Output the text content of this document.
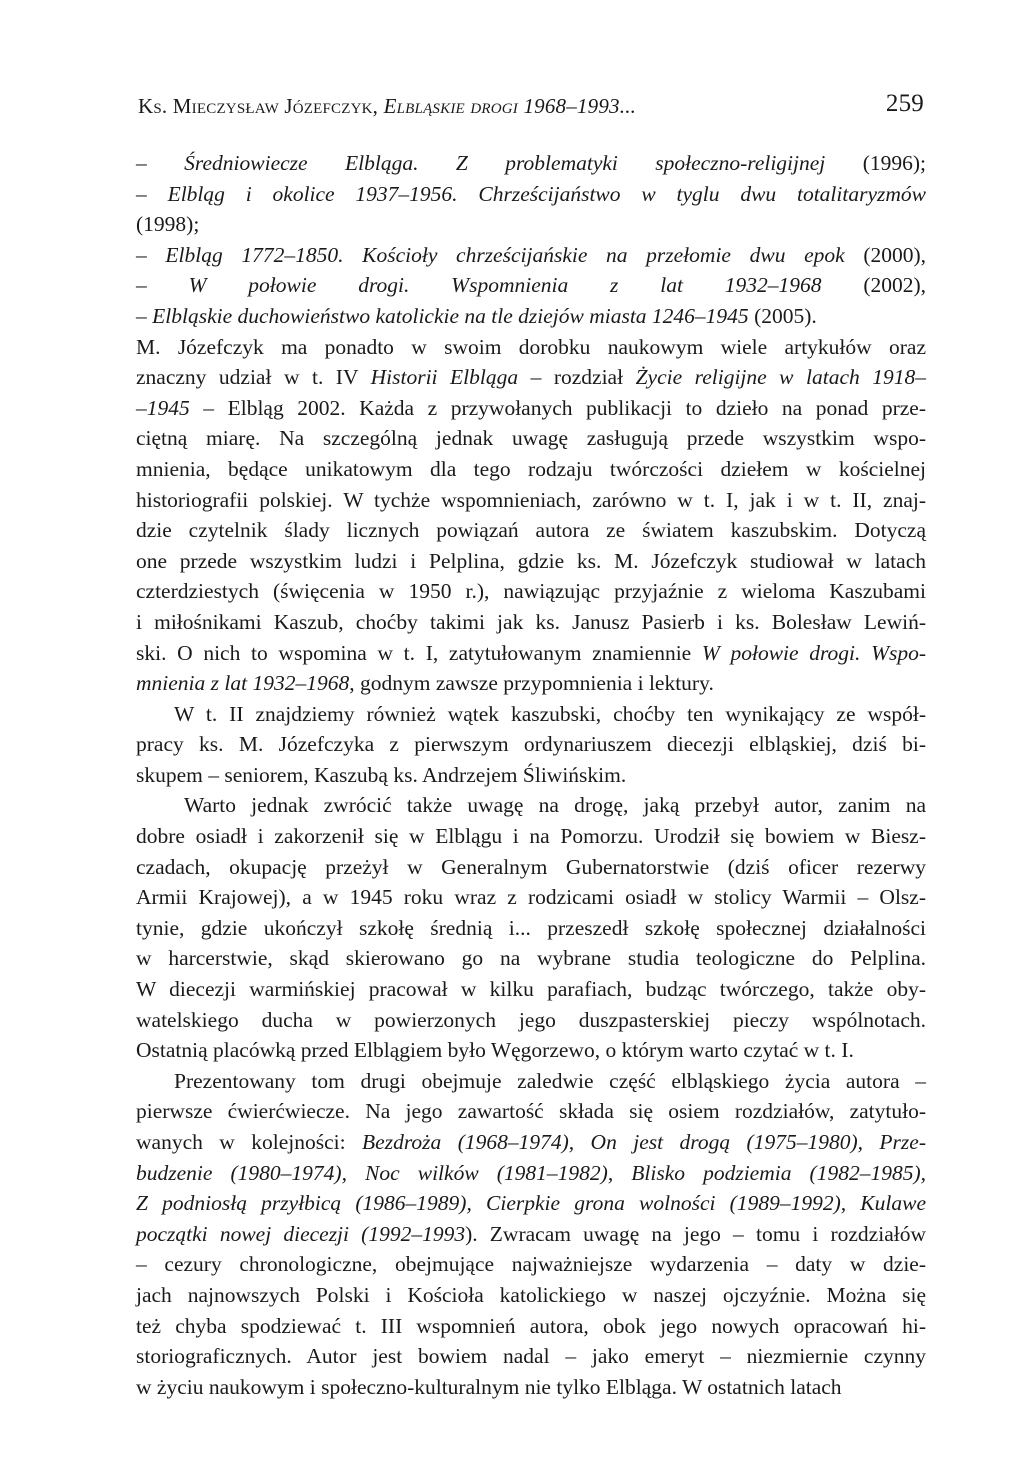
Ks. Mieczysław Józefczyk, Elbląskie drogi 1968–1993...	259
– Średniowiecze Elbląga. Z problematyki społeczno-religijnej (1996);
– Elbląg i okolice 1937–1956. Chrześcijaństwo w tyglu dwu totalitaryzmów
(1998);
– Elbląg 1772–1850. Kościoły chrześcijańskie na przełomie dwu epok (2000),
– W połowie drogi. Wspomnienia z lat 1932–1968 (2002),
– Elbląskie duchowieństwo katolickie na tle dziejów miasta 1246–1945 (2005).
M. Józefczyk ma ponadto w swoim dorobku naukowym wiele artykułów oraz
znaczny udział w t. IV Historii Elbląga – rozdział Życie religijne w latach 1918–
–1945 – Elbląg 2002. Każda z przywołanych publikacji to dzieło na ponad prze-
ciętną miarę. Na szczególną jednak uwagę zasługują przede wszystkim wspo-
mnienia, będące unikatowym dla tego rodzaju twórczości dziełem w kościelnej
historiografii polskiej. W tychże wspomnieniach, zarówno w t. I, jak i w t. II, znaj-
dzie czytelnik ślady licznych powiązań autora ze światem kaszubskim. Dotyczą
one przede wszystkim ludzi i Pelplina, gdzie ks. M. Józefczyk studiował w latach
czterdziestych (święcenia w 1950 r.), nawiązując przyjaźnie z wieloma Kaszubami
i miłośnikami Kaszub, choćby takimi jak ks. Janusz Pasierb i ks. Bolesław Lewiń-
ski. O nich to wspomina w t. I, zatytułowanym znamiennie W połowie drogi. Wspo-
mnienia z lat 1932–1968, godnym zawsze przypomnienia i lektury.
W t. II znajdziemy również wątek kaszubski, choćby ten wynikający ze współ-
pracy ks. M. Józefczyka z pierwszym ordynariuszem diecezji elbląskiej, dziś bi-
skupem – seniorem, Kaszubą ks. Andrzejem Śliwińskim.
Warto jednak zwrócić także uwagę na drogę, jaką przebył autor, zanim na
dobre osiadł i zakorzenił się w Elblągu i na Pomorzu. Urodził się bowiem w Biesz-
czadach, okupację przeżył w Generalnym Gubernatorstwie (dziś oficer rezerwy
Armii Krajowej), a w 1945 roku wraz z rodzicami osiadł w stolicy Warmii – Olsz-
tynie, gdzie ukończył szkołę średnią i... przeszedł szkołę społecznej działalności
w harcerstwie, skąd skierowano go na wybrane studia teologiczne do Pelplina.
W diecezji warmińskiej pracował w kilku parafiach, budząc twórczego, także oby-
watelskiego ducha w powierzonych jego duszpasterskiej pieczy wspólnotach.
Ostatnią placówką przed Elblągiem było Węgorzewo, o którym warto czytać w t. I.
Prezentowany tom drugi obejmuje zaledwie część elbląskiego życia autora –
pierwsze ćwierćwiecze. Na jego zawartość składa się osiem rozdziałów, zatytuło-
wanych w kolejności: Bezdroża (1968–1974), On jest drogą (1975–1980), Prze-
budzenie (1980–1974), Noc wilków (1981–1982), Blisko podziemia (1982–1985),
Z podniosłą przyłbicą (1986–1989), Cierpkie grona wolności (1989–1992), Kulawe
początki nowej diecezji (1992–1993). Zwracam uwagę na jego – tomu i rozdziałów
– cezury chronologiczne, obejmujące najważniejsze wydarzenia – daty w dzie-
jach najnowszych Polski i Kościoła katolickiego w naszej ojczyźnie. Można się
też chyba spodziewać t. III wspomnień autora, obok jego nowych opracowań hi-
storiograficznych. Autor jest bowiem nadal – jako emeryt – niezmiernie czynny
w życiu naukowym i społeczno-kulturalnym nie tylko Elbląga. W ostatnich latach
